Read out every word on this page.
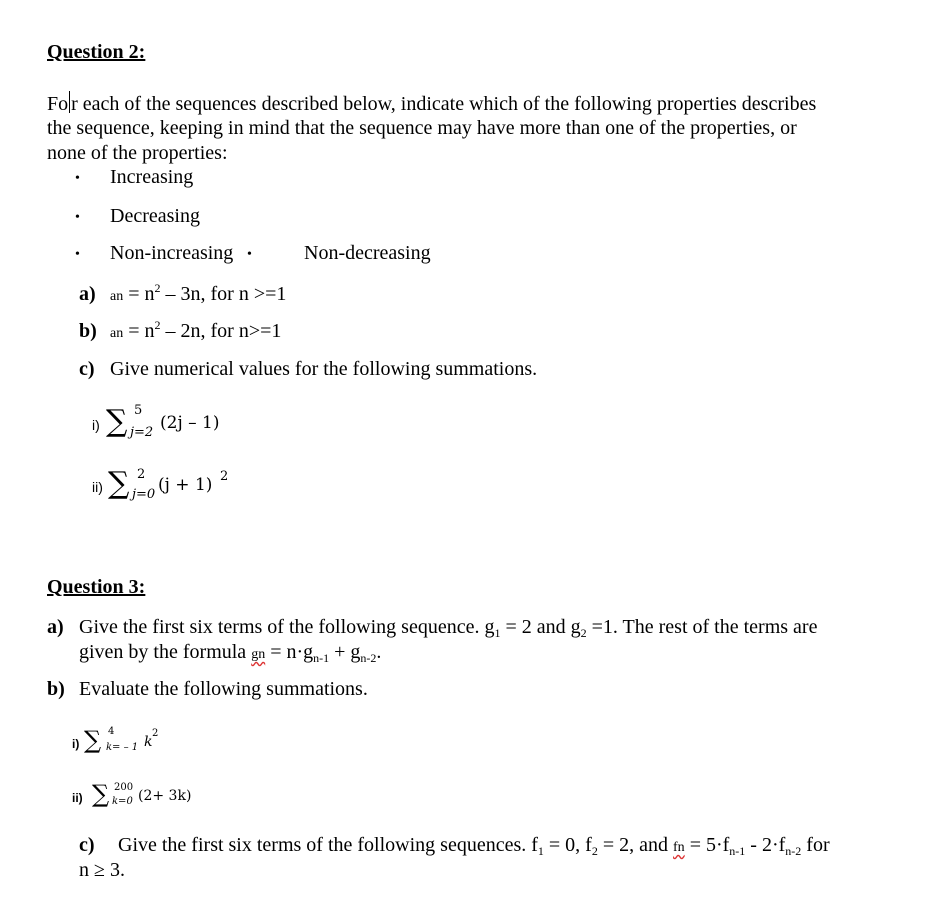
Question 2:
Fo r each of the sequences described below, indicate which of the following properties describes
the sequence, keeping in mind that the sequence may have more than one of the properties, or
none of the properties:
• Increasing
• Decreasing
• Non-increasing •	Non-decreasing
a) an = $n^2 - 3n$, for n >=1
b) an = $n^2 - 2n$, for n>=1
c) Give numerical values for the following summations.
i) ∑ 5
j=2 (2j – 1)
ii) ∑ 2
j=0 (j + 1) 2
Question 3:
a) Give the first six terms of the following sequence. $g_1 = 2$ and $g_2 =1$. The rest of the terms are
given by the formula gn = $n\cdot g_{n-1} + g_{n-2}$.
b) Evaluate the following summations.
i) ∑ 4
k= – 1 k
2
ii) ∑ 200
k=0 (2+ 3k)
c) Give the first six terms of the following sequences. $f_1 = 0$, $f_2 = 2$, and fn = $5\cdot f_{n-1} - 2\cdot f_{n-2}$ for
n ≥ 3.
